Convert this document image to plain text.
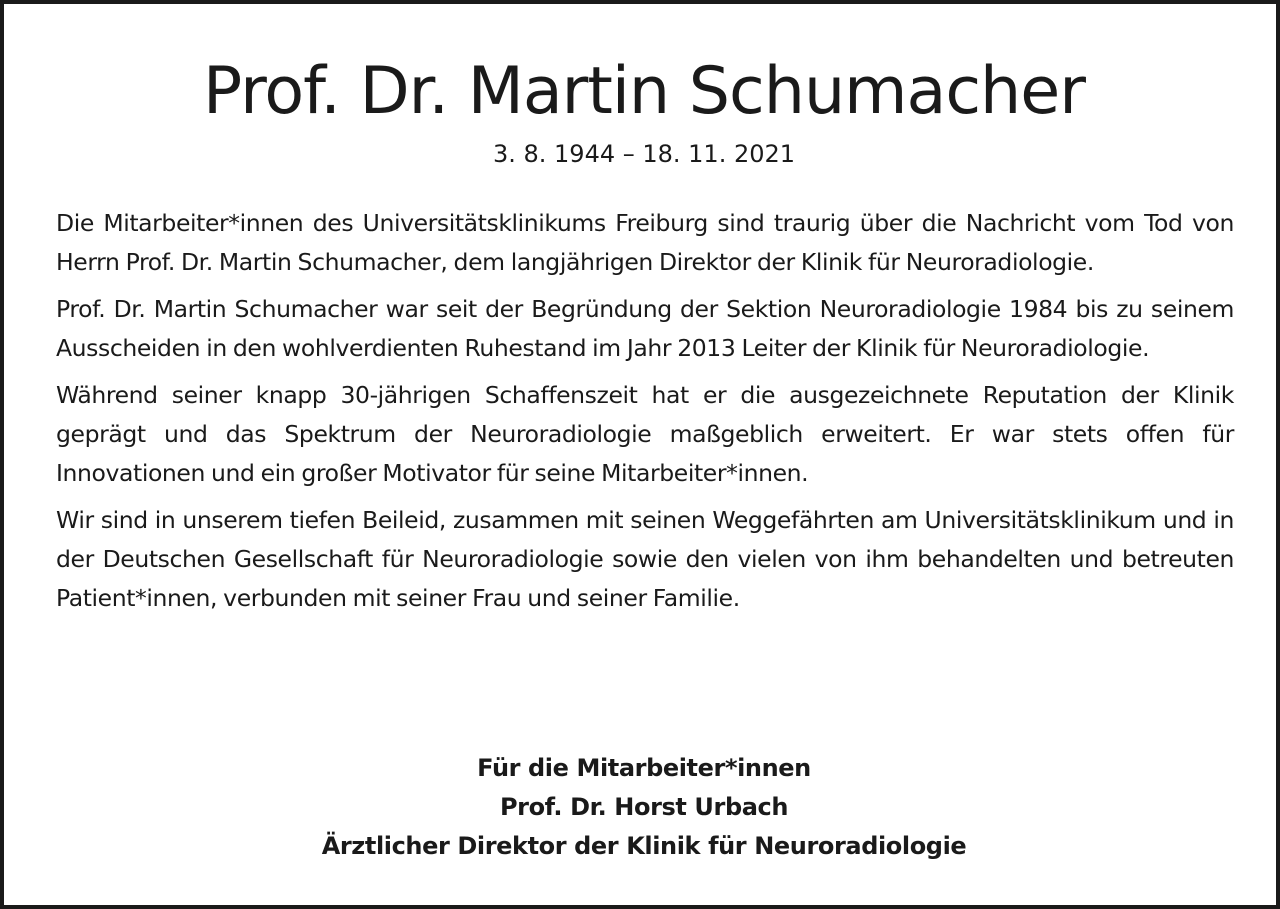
Prof. Dr. Martin Schumacher
3. 8. 1944 – 18. 11. 2021

Die Mitarbeiter*innen des Universitätsklinikums Freiburg sind traurig über die Nachricht vom Tod von Herrn Prof. Dr. Martin Schumacher, dem langjährigen Direktor der Klinik für Neuroradiologie.

Prof. Dr. Martin Schumacher war seit der Begründung der Sektion Neuroradiologie 1984 bis zu seinem Ausscheiden in den wohlverdienten Ruhestand im Jahr 2013 Leiter der Klinik für Neuroradiologie.

Während seiner knapp 30-jährigen Schaffenszeit hat er die ausgezeichnete Reputation der Klinik geprägt und das Spektrum der Neuroradiologie maßgeblich erweitert. Er war stets offen für Innovationen und ein großer Motivator für seine Mitarbeiter*innen.

Wir sind in unserem tiefen Beileid, zusammen mit seinen Weggefährten am Universitätsklinikum und in der Deutschen Gesellschaft für Neuroradiologie sowie den vielen von ihm behandelten und betreuten Patient*innen, verbunden mit seiner Frau und seiner Familie.

Für die Mitarbeiter*innen
Prof. Dr. Horst Urbach
Ärztlicher Direktor der Klinik für Neuroradiologie
